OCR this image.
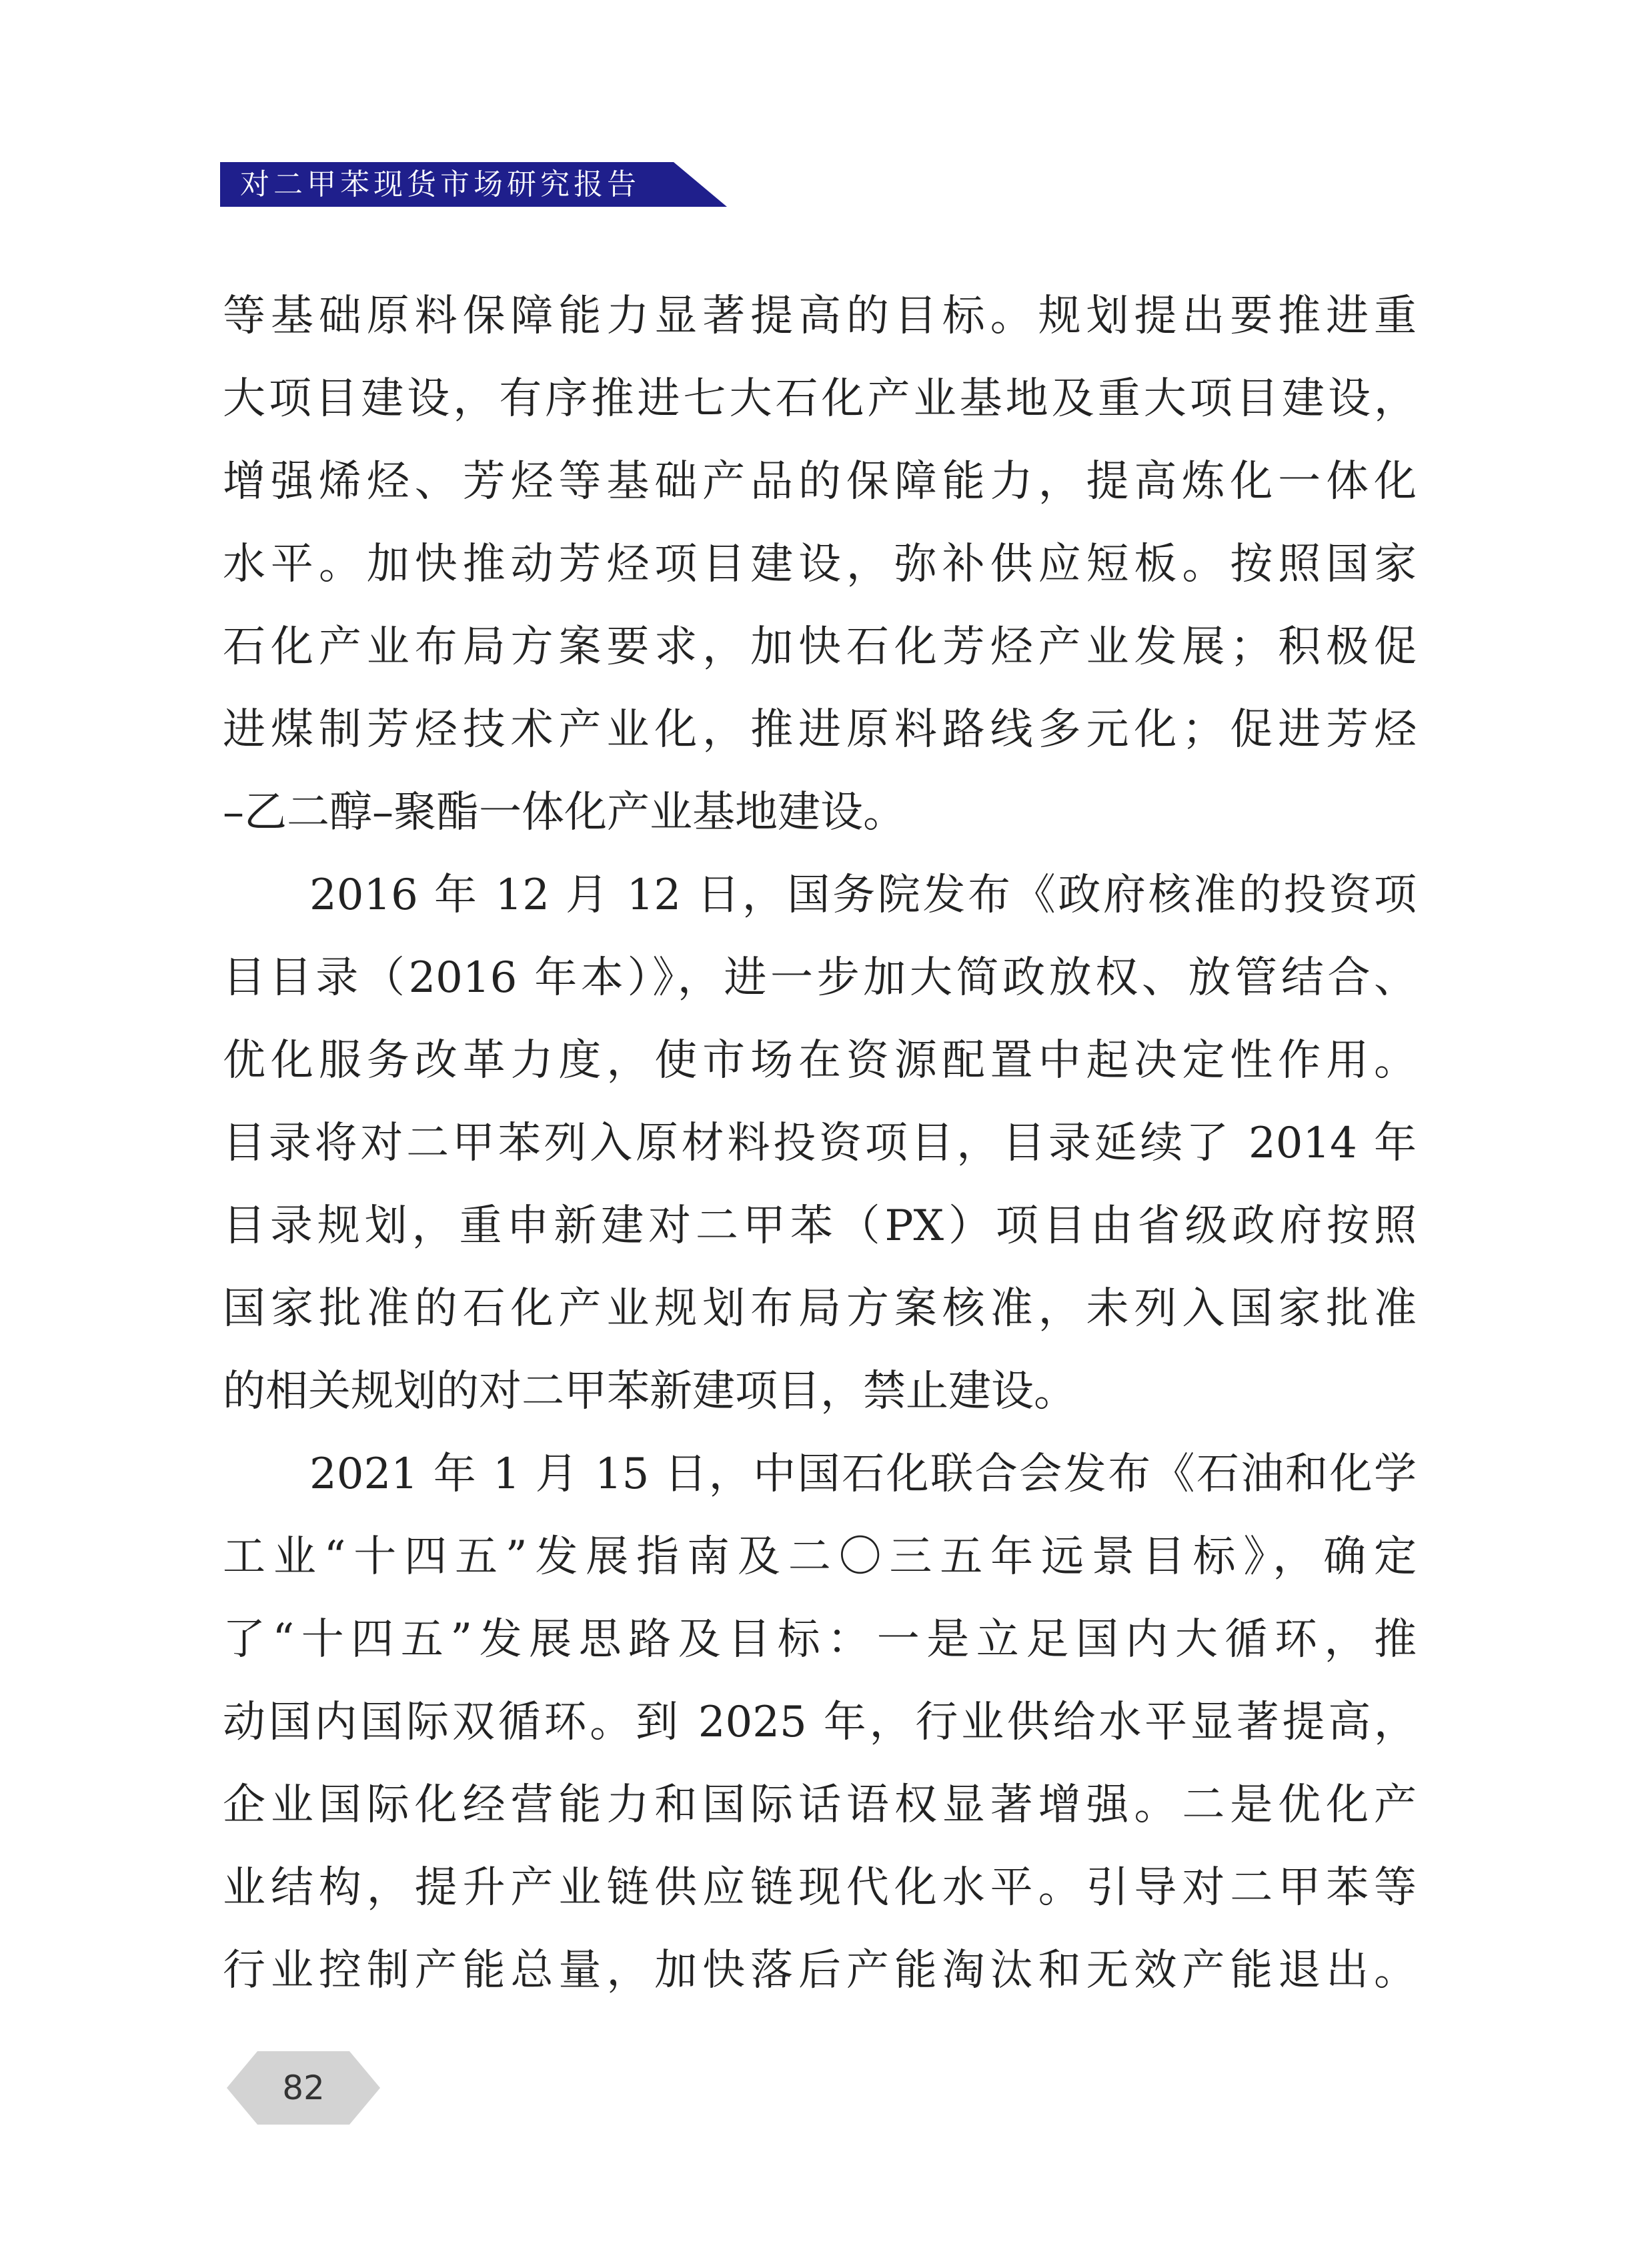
对二甲苯现货市场研究报告
等基础原料保障能力显著提高的目标。规划提出要推进重
大项目建设，有序推进七大石化产业基地及重大项目建设，
增强烯烃、芳烃等基础产品的保障能力，提高炼化一体化
水平。加快推动芳烃项目建设，弥补供应短板。按照国家
石化产业布局方案要求，加快石化芳烃产业发展；积极促
进煤制芳烃技术产业化，推进原料路线多元化；促进芳烃
–乙二醇–聚酯一体化产业基地建设。
2016 年 12 月 12 日，国务院发布《政府核准的投资项
目目录（2016 年本）》，进一步加大简政放权、放管结合、
优化服务改革力度，使市场在资源配置中起决定性作用。
目录将对二甲苯列入原材料投资项目，目录延续了 2014 年
目录规划，重申新建对二甲苯（PX）项目由省级政府按照
国家批准的石化产业规划布局方案核准，未列入国家批准
的相关规划的对二甲苯新建项目，禁止建设。
2021 年 1 月 15 日，中国石化联合会发布《石油和化学
工业“十四五”发展指南及二〇三五年远景目标》，确定
了“十四五”发展思路及目标：一是立足国内大循环，推
动国内国际双循环。到 2025 年，行业供给水平显著提高，
企业国际化经营能力和国际话语权显著增强。二是优化产
业结构，提升产业链供应链现代化水平。引导对二甲苯等
行业控制产能总量，加快落后产能淘汰和无效产能退出。
82
